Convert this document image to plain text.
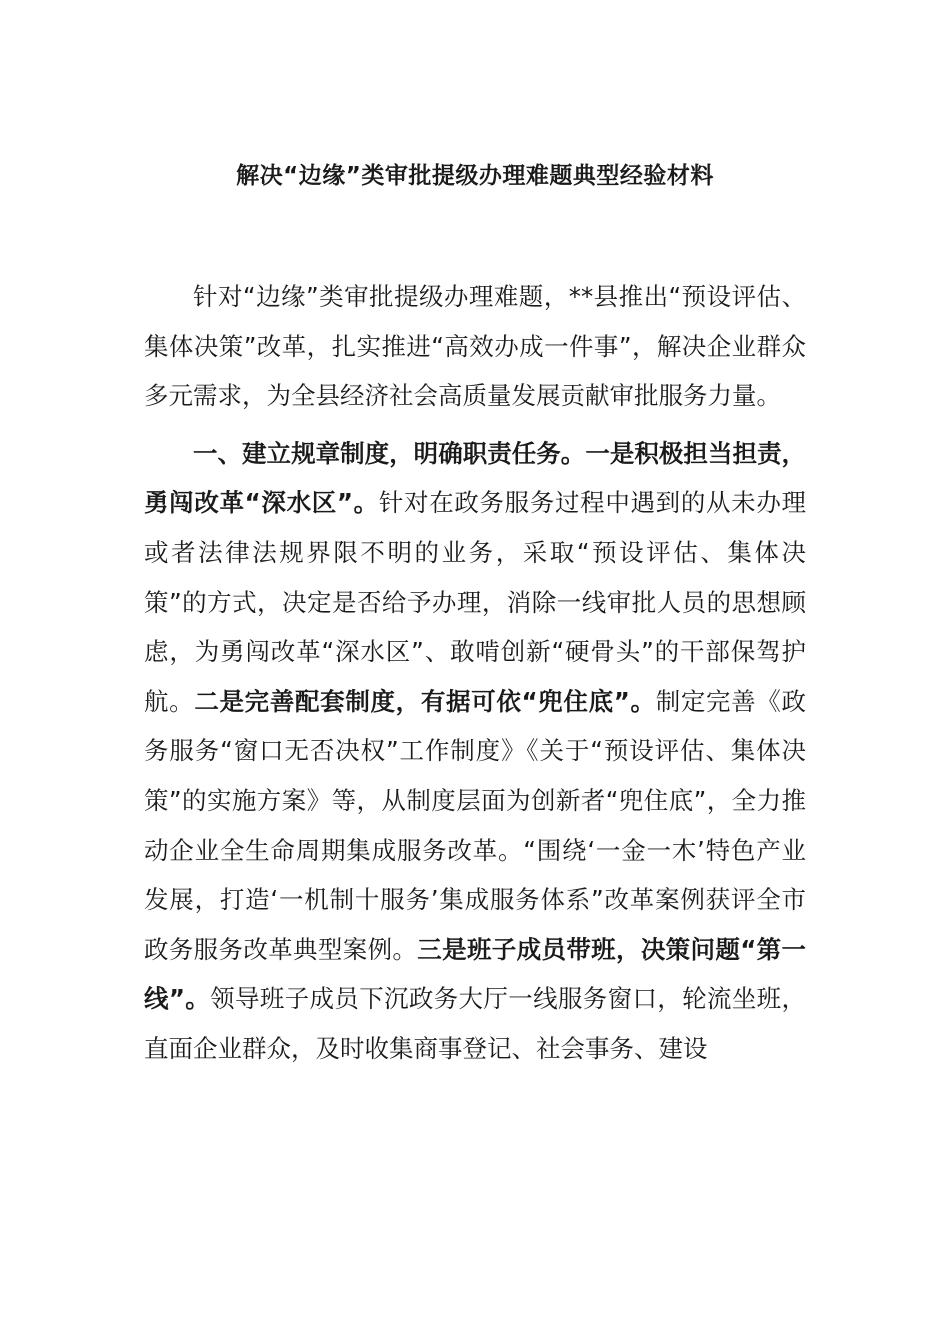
解决“边缘”类审批提级办理难题典型经验材料

针对“边缘”类审批提级办理难题，**县推出“预设评估、集体决策”改革，扎实推进“高效办成一件事”，解决企业群众多元需求，为全县经济社会高质量发展贡献审批服务力量。

一、建立规章制度，明确职责任务。一是积极担当担责，勇闯改革“深水区”。针对在政务服务过程中遇到的从未办理或者法律法规界限不明的业务，采取“预设评估、集体决策”的方式，决定是否给予办理，消除一线审批人员的思想顾虑，为勇闯改革“深水区”、敢啃创新“硬骨头”的干部保驾护航。二是完善配套制度，有据可依“兜住底”。制定完善《政务服务“窗口无否决权”工作制度》《关于“预设评估、集体决策”的实施方案》等，从制度层面为创新者“兜住底”，全力推动企业全生命周期集成服务改革。“围绕‘一金一木’特色产业发展，打造‘一机制十服务’集成服务体系”改革案例获评全市政务服务改革典型案例。三是班子成员带班，决策问题“第一线”。领导班子成员下沉政务大厅一线服务窗口，轮流坐班，直面企业群众，及时收集商事登记、社会事务、建设
